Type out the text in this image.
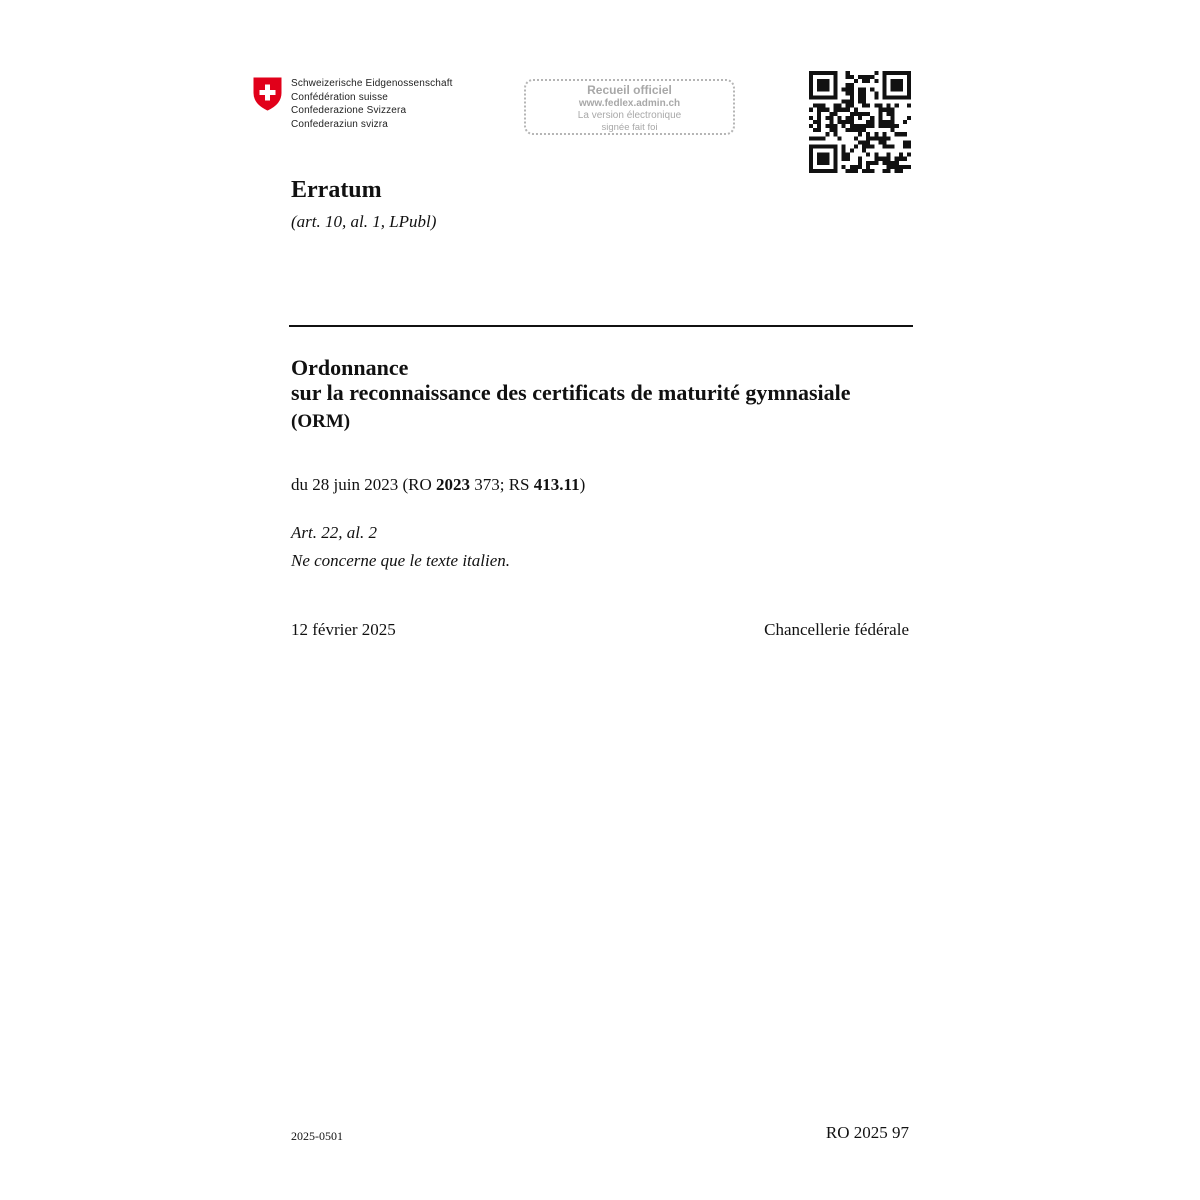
Schweizerische Eidgenossenschaft
Confédération suisse
Confederazione Svizzera
Confederaziun svizra
Recueil officiel
www.fedlex.admin.ch
La version électronique
signée fait foi
Erratum
(art. 10, al. 1, LPubl)
Ordonnance
sur la reconnaissance des certificats de maturité gymnasiale
(ORM)
du 28 juin 2023 (RO 2023 373; RS 413.11)
Art. 22, al. 2
Ne concerne que le texte italien.
12 février 2025	Chancellerie fédérale
2025-0501	RO 2025 97
